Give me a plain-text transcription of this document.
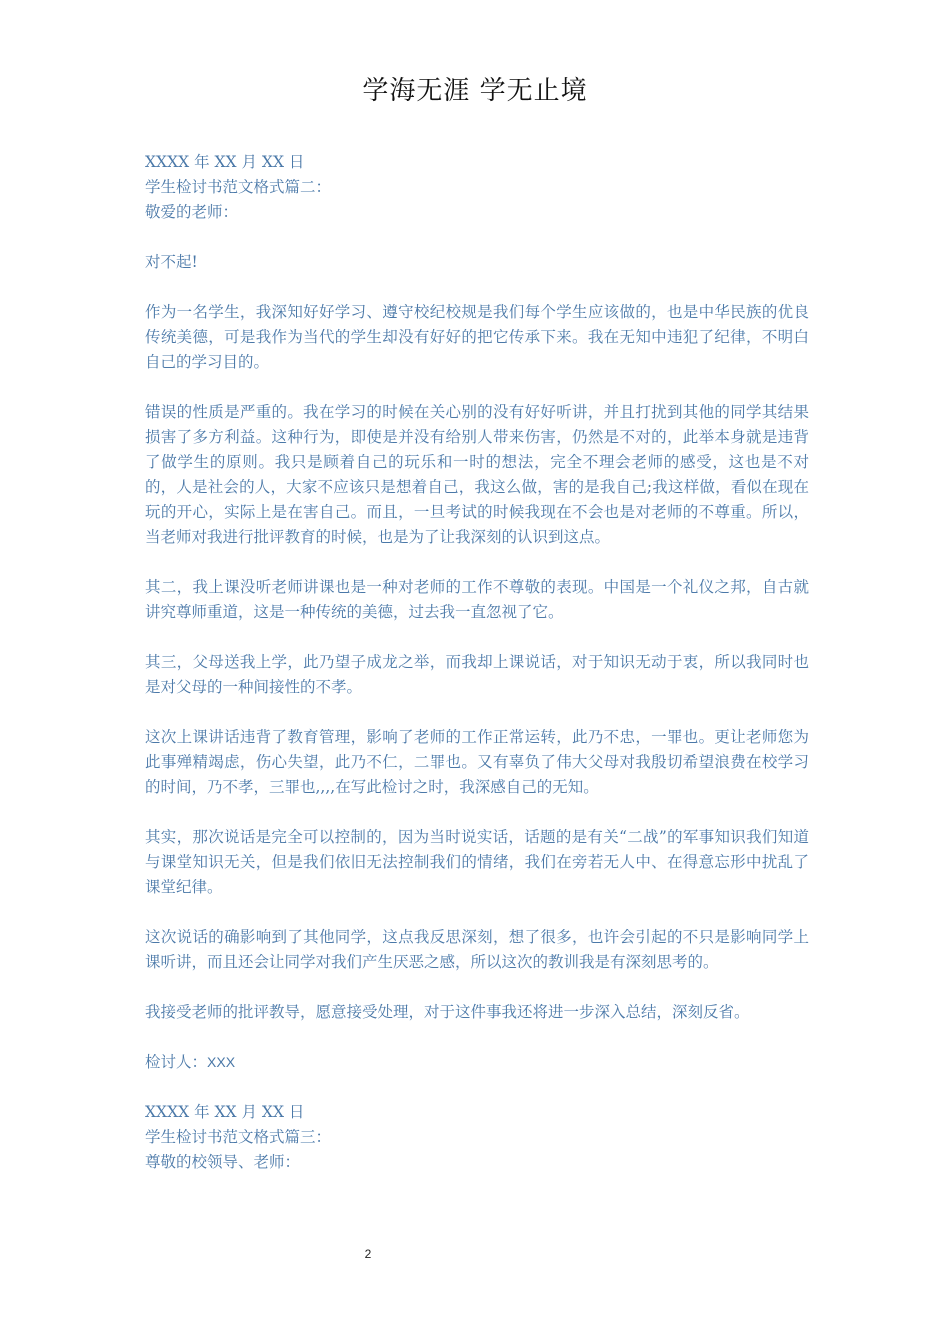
学海无涯 学无止境

XXXX 年 XX 月 XX 日

学生检讨书范文格式篇二：

敬爱的老师：

对不起!

作为一名学生，我深知好好学习、遵守校纪校规是我们每个学生应该做的，也是中华民族的优良传统美德，可是我作为当代的学生却没有好好的把它传承下来。我在无知中违犯了纪律，不明白自己的学习目的。

错误的性质是严重的。我在学习的时候在关心别的没有好好听讲，并且打扰到其他的同学其结果损害了多方利益。这种行为，即使是并没有给别人带来伤害，仍然是不对的，此举本身就是违背了做学生的原则。我只是顾着自己的玩乐和一时的想法，完全不理会老师的感受，这也是不对的，人是社会的人，大家不应该只是想着自己，我这么做，害的是我自己;我这样做，看似在现在玩的开心，实际上是在害自己。而且，一旦考试的时候我现在不会也是对老师的不尊重。所以，当老师对我进行批评教育的时候，也是为了让我深刻的认识到这点。

其二，我上课没听老师讲课也是一种对老师的工作不尊敬的表现。中国是一个礼仪之邦，自古就讲究尊师重道，这是一种传统的美德，过去我一直忽视了它。

其三，父母送我上学，此乃望子成龙之举，而我却上课说话，对于知识无动于衷，所以我同时也是对父母的一种间接性的不孝。

这次上课讲话违背了教育管理，影响了老师的工作正常运转，此乃不忠，一罪也。更让老师您为此事殚精竭虑，伤心失望，此乃不仁，二罪也。又有辜负了伟大父母对我殷切希望浪费在校学习的时间，乃不孝，三罪也,,,,在写此检讨之时，我深感自己的无知。

其实，那次说话是完全可以控制的，因为当时说实话，话题的是有关“二战”的军事知识我们知道与课堂知识无关，但是我们依旧无法控制我们的情绪，我们在旁若无人中、在得意忘形中扰乱了课堂纪律。

这次说话的确影响到了其他同学，这点我反思深刻，想了很多，也许会引起的不只是影响同学上课听讲，而且还会让同学对我们产生厌恶之感，所以这次的教训我是有深刻思考的。

我接受老师的批评教导，愿意接受处理，对于这件事我还将进一步深入总结，深刻反省。

检讨人：XXX

XXXX 年 XX 月 XX 日

学生检讨书范文格式篇三：

尊敬的校领导、老师：

2
